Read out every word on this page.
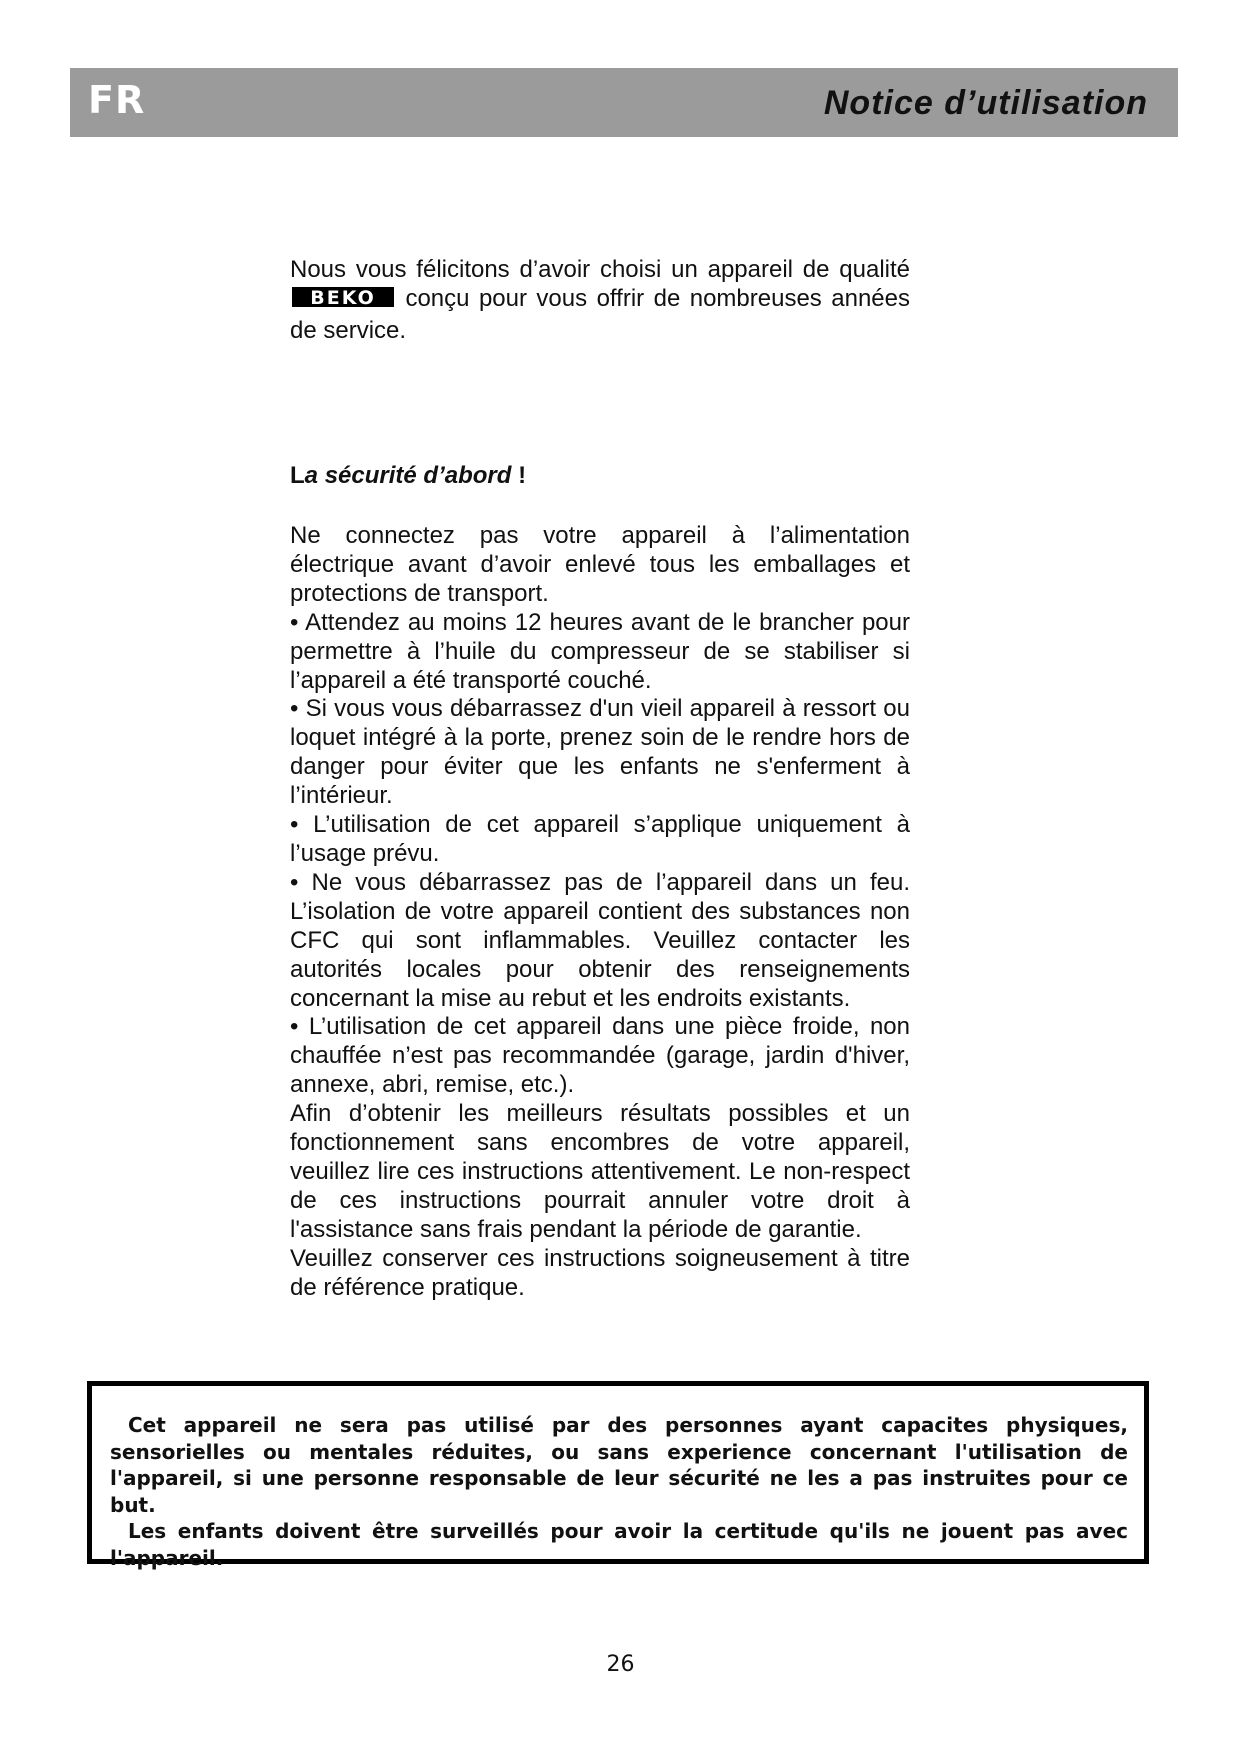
FR	Notice d’utilisation
Nous vous félicitons d’avoir choisi un appareil de qualité
BEKO conçu pour vous offrir de nombreuses années de service.
La sécurité d’abord !

Ne connectez pas votre appareil à l’alimentation électrique avant d’avoir enlevé tous les emballages et protections de transport.

• Attendez au moins 12 heures avant de le brancher pour permettre à l’huile du compresseur de se stabiliser si l’appareil a été transporté couché.

• Si vous vous débarrassez d'un vieil appareil à ressort ou loquet intégré à la porte, prenez soin de le rendre hors de danger pour éviter que les enfants ne s'enferment à l’intérieur.

• L’utilisation de cet appareil s’applique uniquement à l’usage prévu.

• Ne vous débarrassez pas de l’appareil dans un feu. L’isolation de votre appareil contient des substances non CFC qui sont inflammables. Veuillez contacter les autorités locales pour obtenir des renseignements concernant la mise au rebut et les endroits existants.

• L’utilisation de cet appareil dans une pièce froide, non chauffée n’est pas recommandée (garage, jardin d'hiver, annexe, abri, remise, etc.).

Afin d’obtenir les meilleurs résultats possibles et un fonctionnement sans encombres de votre appareil, veuillez lire ces instructions attentivement. Le non-respect de ces instructions pourrait annuler votre droit à l'assistance sans frais pendant la période de garantie.

Veuillez conserver ces instructions soigneusement à titre de référence pratique.

Cet appareil ne sera pas utilisé par des personnes ayant capacites physiques, sensorielles ou mentales réduites, ou sans experience concernant l'utilisation de l'appareil, si une personne responsable de leur sécurité ne les a pas instruites pour ce but.

Les enfants doivent être surveillés pour avoir la certitude qu'ils ne jouent pas avec l'appareil.

26
